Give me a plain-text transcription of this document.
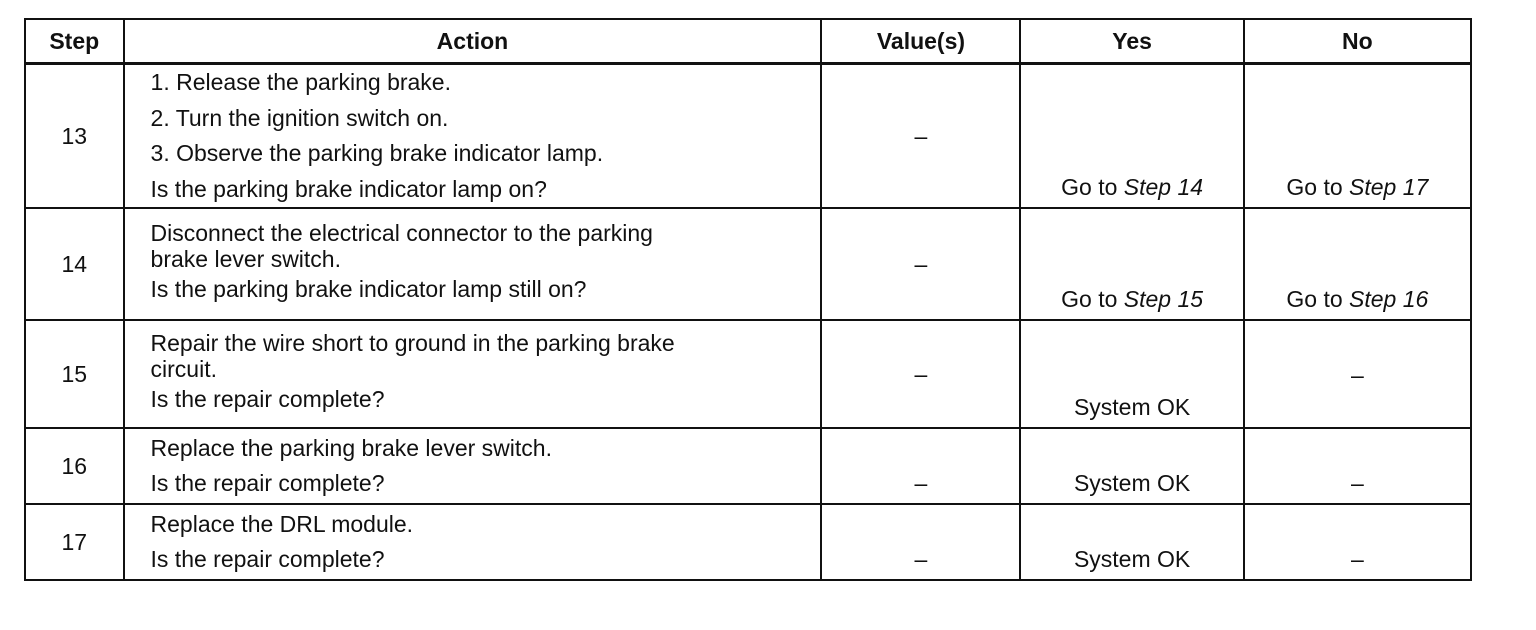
Step	Action	Value(s)	Yes	No
13	1. Release the parking brake.
2. Turn the ignition switch on.
3. Observe the parking brake indicator lamp.
Is the parking brake indicator lamp on?	–	Go to Step 14	Go to Step 17
14	Disconnect the electrical connector to the parking
brake lever switch.
Is the parking brake indicator lamp still on?	–	Go to Step 15	Go to Step 16
15	Repair the wire short to ground in the parking brake
circuit.
Is the repair complete?	–	System OK	–
16	Replace the parking brake lever switch.
Is the repair complete?	–	System OK	–
17	Replace the DRL module.
Is the repair complete?	–	System OK	–
